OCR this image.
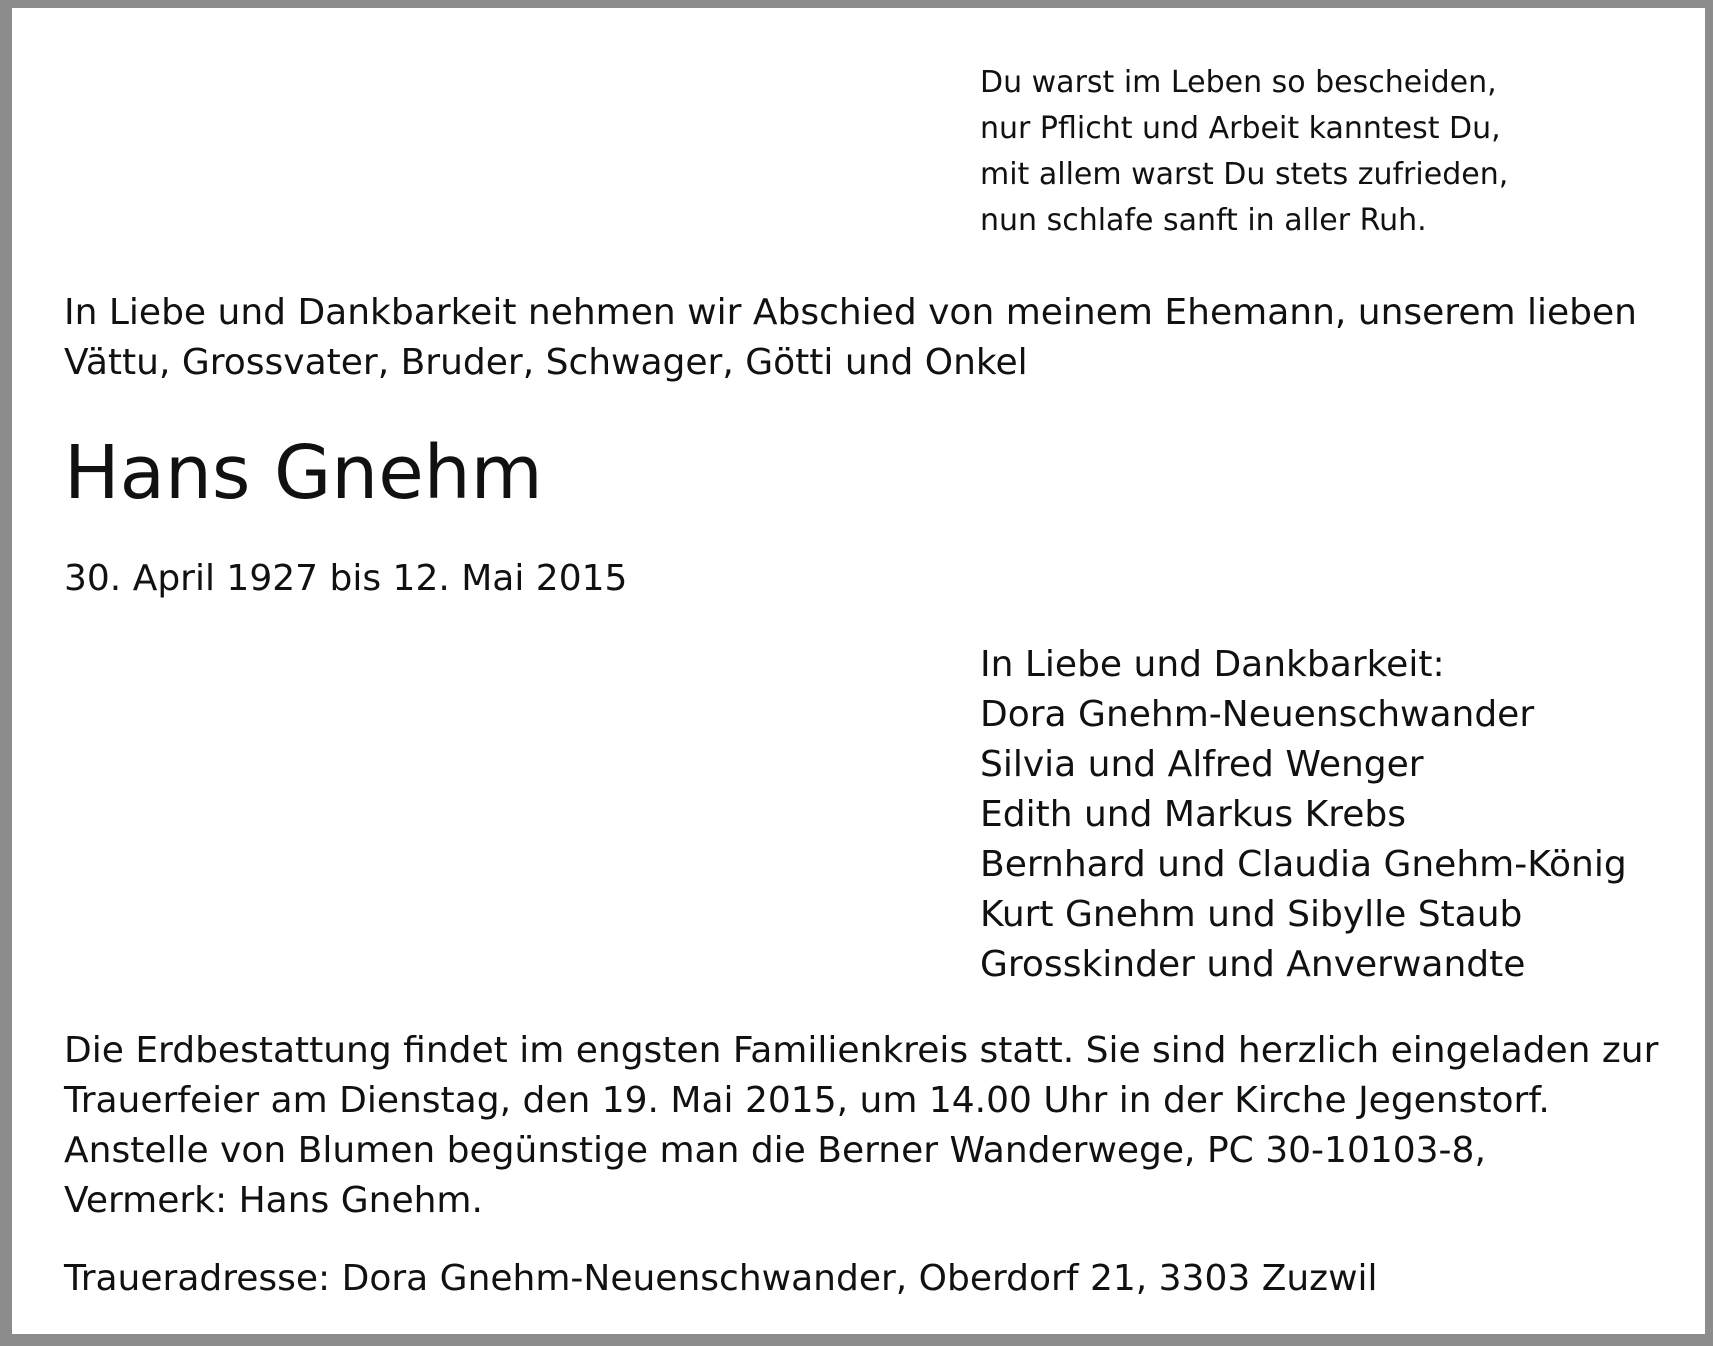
Du warst im Leben so bescheiden,
nur Pflicht und Arbeit kanntest Du,
mit allem warst Du stets zufrieden,
nun schlafe sanft in aller Ruh.
In Liebe und Dankbarkeit nehmen wir Abschied von meinem Ehemann, unserem lieben
Vättu, Grossvater, Bruder, Schwager, Götti und Onkel
Hans Gnehm
30. April 1927 bis 12. Mai 2015
In Liebe und Dankbarkeit:
Dora Gnehm-Neuenschwander
Silvia und Alfred Wenger
Edith und Markus Krebs
Bernhard und Claudia Gnehm-König
Kurt Gnehm und Sibylle Staub
Grosskinder und Anverwandte
Die Erdbestattung findet im engsten Familienkreis statt. Sie sind herzlich eingeladen zur
Trauerfeier am Dienstag, den 19. Mai 2015, um 14.00 Uhr in der Kirche Jegenstorf.
Anstelle von Blumen begünstige man die Berner Wanderwege, PC 30-10103-8,
Vermerk: Hans Gnehm.
Traueradresse: Dora Gnehm-Neuenschwander, Oberdorf 21, 3303 Zuzwil
